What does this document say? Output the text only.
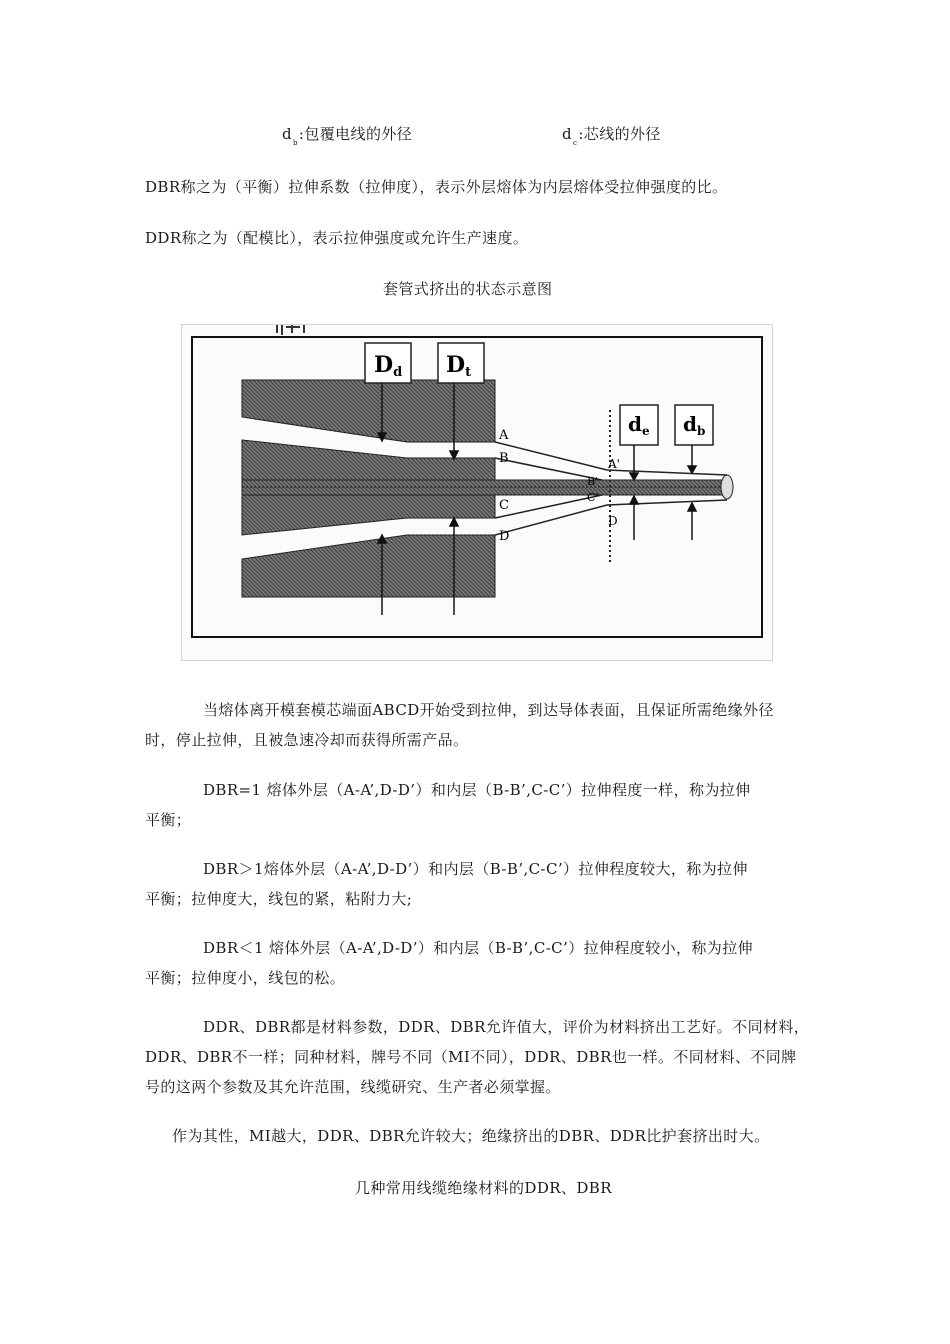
$d_b$:包覆电线的外径	$d_c$:芯线的外径
DBR称之为（平衡）拉伸系数（拉伸度），表示外层熔体为内层熔体受拉伸强度的比。
DDR称之为（配模比），表示拉伸强度或允许生产速度。
套管式挤出的状态示意图
Dd Dt
$d_e$ $d_b$
A
B
C
D
A'
B'
C'
D
当熔体离开模套模芯端面ABCD开始受到拉伸，到达导体表面，且保证所需绝缘外径
时，停止拉伸，且被急速冷却而获得所需产品。
DBR=1 熔体外层（A-A’,D-D’）和内层（B-B’,C-C’）拉伸程度一样，称为拉伸
平衡；
DBR＞1熔体外层（A-A’,D-D’）和内层（B-B’,C-C’）拉伸程度较大，称为拉伸
平衡；拉伸度大，线包的紧，粘附力大;
DBR＜1 熔体外层（A-A’,D-D’）和内层（B-B’,C-C’）拉伸程度较小，称为拉伸
平衡；拉伸度小，线包的松。
DDR、DBR都是材料参数，DDR、DBR允许值大，评价为材料挤出工艺好。不同材料，
DDR、DBR不一样；同种材料，牌号不同（MI不同），DDR、DBR也一样。不同材料、不同牌
号的这两个参数及其允许范围，线缆研究、生产者必须掌握。
作为其性，MI越大，DDR、DBR允许较大；绝缘挤出的DBR、DDR比护套挤出时大。
几种常用线缆绝缘材料的DDR、DBR
